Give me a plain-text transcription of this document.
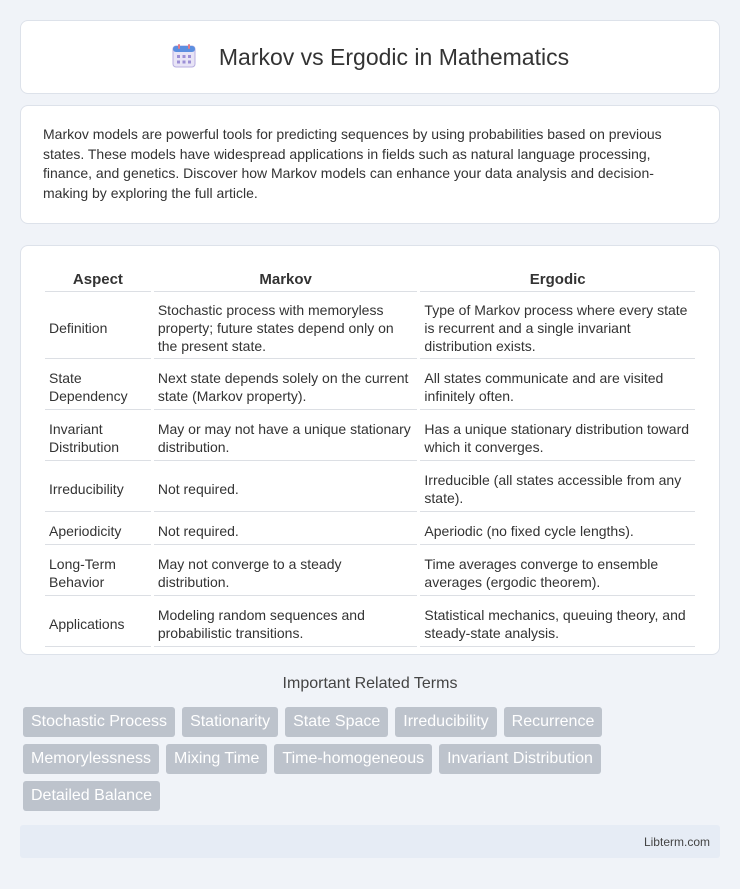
Markov vs Ergodic in Mathematics

Markov models are powerful tools for predicting sequences by using probabilities based on previous states. These models have widespread applications in fields such as natural language processing, finance, and genetics. Discover how Markov models can enhance your data analysis and decision-making by exploring the full article.

Aspect	Markov	Ergodic
Definition	Stochastic process with memoryless property; future states depend only on the present state.	Type of Markov process where every state is recurrent and a single invariant distribution exists.
State Dependency	Next state depends solely on the current state (Markov property).	All states communicate and are visited infinitely often.
Invariant Distribution	May or may not have a unique stationary distribution.	Has a unique stationary distribution toward which it converges.
Irreducibility	Not required.	Irreducible (all states accessible from any state).
Aperiodicity	Not required.	Aperiodic (no fixed cycle lengths).
Long-Term Behavior	May not converge to a steady distribution.	Time averages converge to ensemble averages (ergodic theorem).
Applications	Modeling random sequences and probabilistic transitions.	Statistical mechanics, queuing theory, and steady-state analysis.
Important Related Terms
Stochastic Process	Stationarity	State Space	Irreducibility	Recurrence
Memorylessness	Mixing Time	Time-homogeneous	Invariant Distribution
Detailed Balance
Libterm.com
